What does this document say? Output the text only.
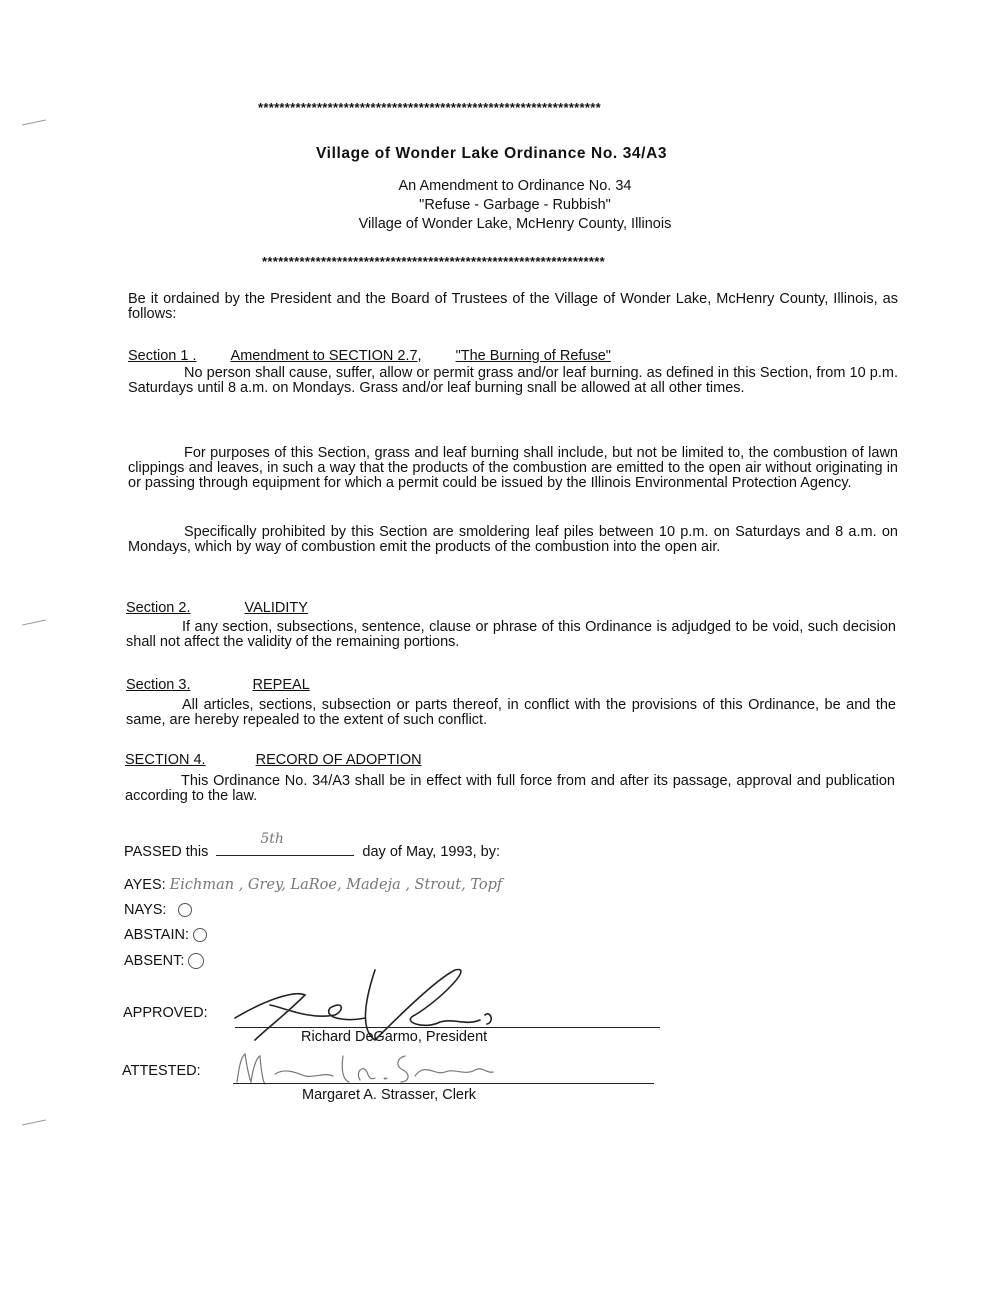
****************************************************************
Village of Wonder Lake Ordinance No. 34/A3
An Amendment to Ordinance No. 34
"Refuse - Garbage - Rubbish"
Village of Wonder Lake, McHenry County, Illinois
****************************************************************
Be it ordained by the President and the Board of Trustees of the Village of Wonder Lake, McHenry County, Illinois, as follows:
Section 1 . Amendment to SECTION 2.7, "The Burning of Refuse"
No person shall cause, suffer, allow or permit grass and/or leaf burning. as defined in this Section, from 10 p.m. Saturdays until 8 a.m. on Mondays. Grass and/or leaf burning snall be allowed at all other times.
For purposes of this Section, grass and leaf burning shall include, but not be limited to, the combustion of lawn clippings and leaves, in such a way that the products of the combustion are emitted to the open air without originating in or passing through equipment for which a permit could be issued by the Illinois Environmental Protection Agency.
Specifically prohibited by this Section are smoldering leaf piles between 10 p.m. on Saturdays and 8 a.m. on Mondays, which by way of combustion emit the products of the combustion into the open air.
Section 2.	VALIDITY
If any section, subsections, sentence, clause or phrase of this Ordinance is adjudged to be void, such decision shall not affect the validity of the remaining portions.
Section 3.	REPEAL
All articles, sections, subsection or parts thereof, in conflict with the provisions of this Ordinance, be and the same, are hereby repealed to the extent of such conflict.
SECTION 4.	RECORD OF ADOPTION
This Ordinance No. 34/A3 shall be in effect with full force from and after its passage, approval and publication according to the law.
PASSED this
5th
day of May, 1993, by:
AYES: Eichman , Grey, LaRoe, Madeja , Strout, Topf
NAYS:
ABSTAIN:
ABSENT:
APPROVED:
Richard DeGarmo, President
ATTESTED:
Margaret A. Strasser, Clerk
